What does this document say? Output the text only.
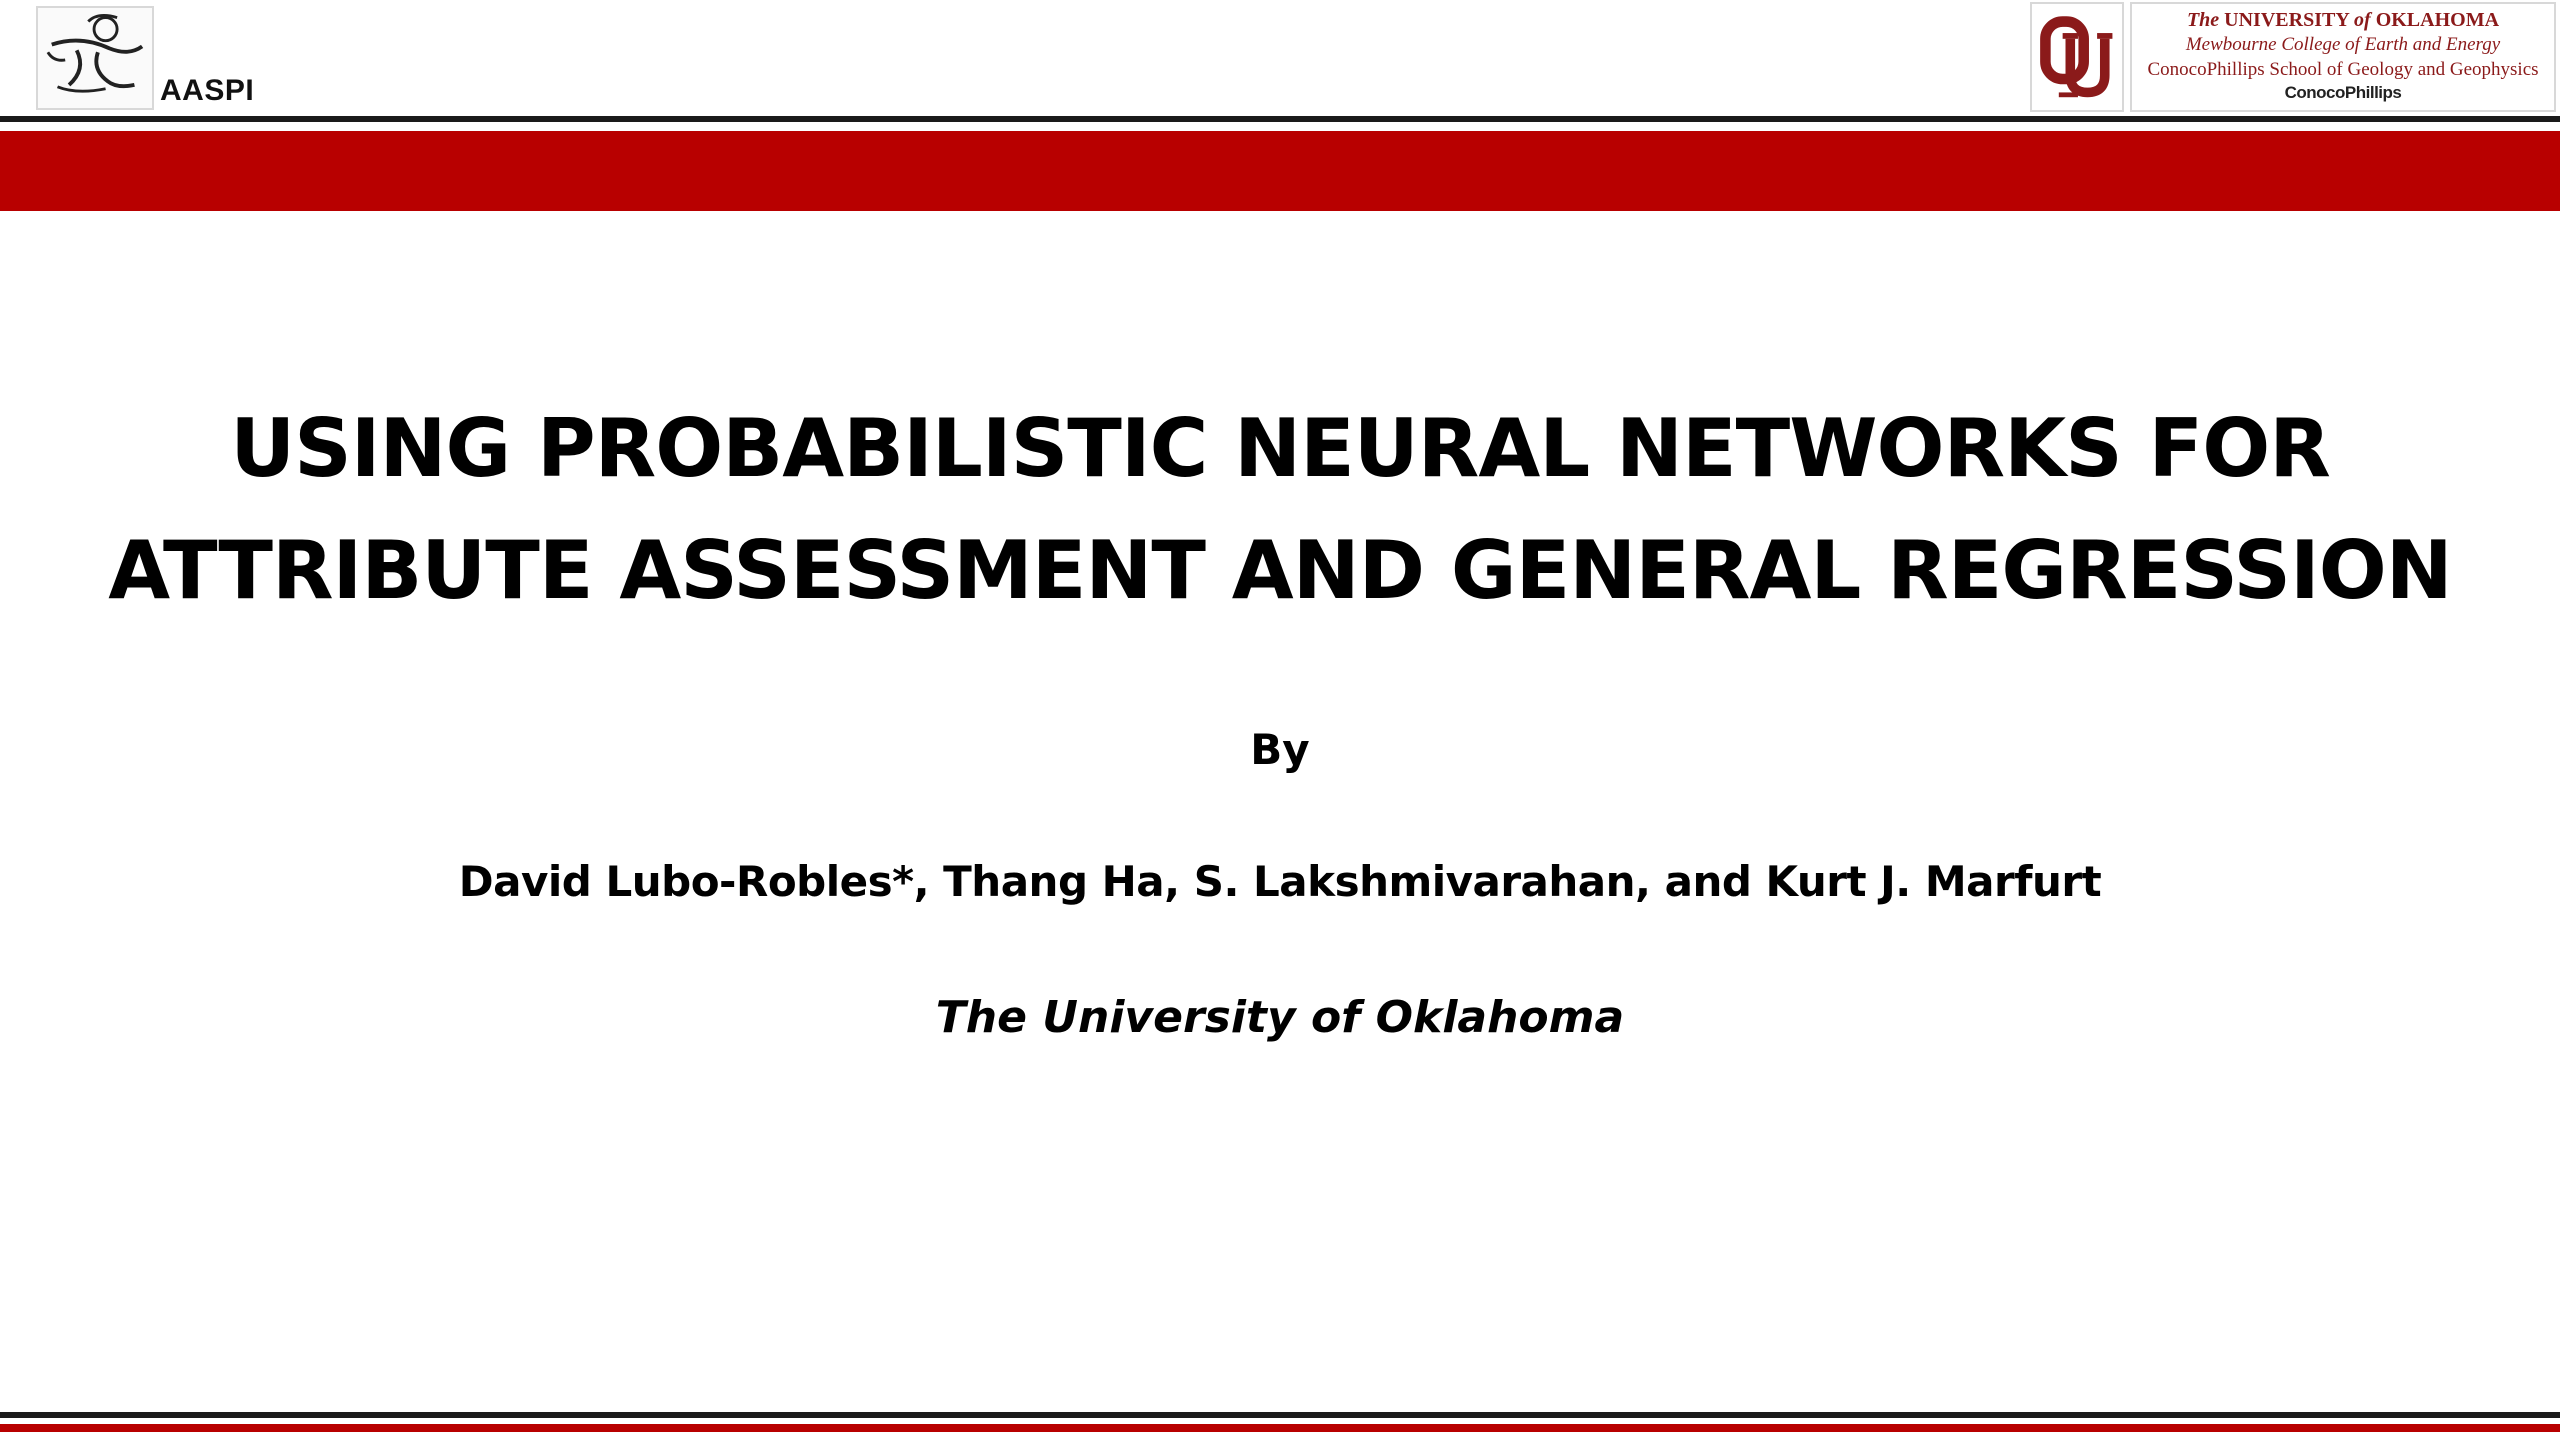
AASPI
The UNIVERSITY of OKLAHOMA
Mewbourne College of Earth and Energy
ConocoPhillips School of Geology and Geophysics
ConocoPhillips
USING PROBABILISTIC NEURAL NETWORKS FOR
ATTRIBUTE ASSESSMENT AND GENERAL REGRESSION
By
David Lubo-Robles*, Thang Ha, S. Lakshmivarahan, and Kurt J. Marfurt
The University of Oklahoma
